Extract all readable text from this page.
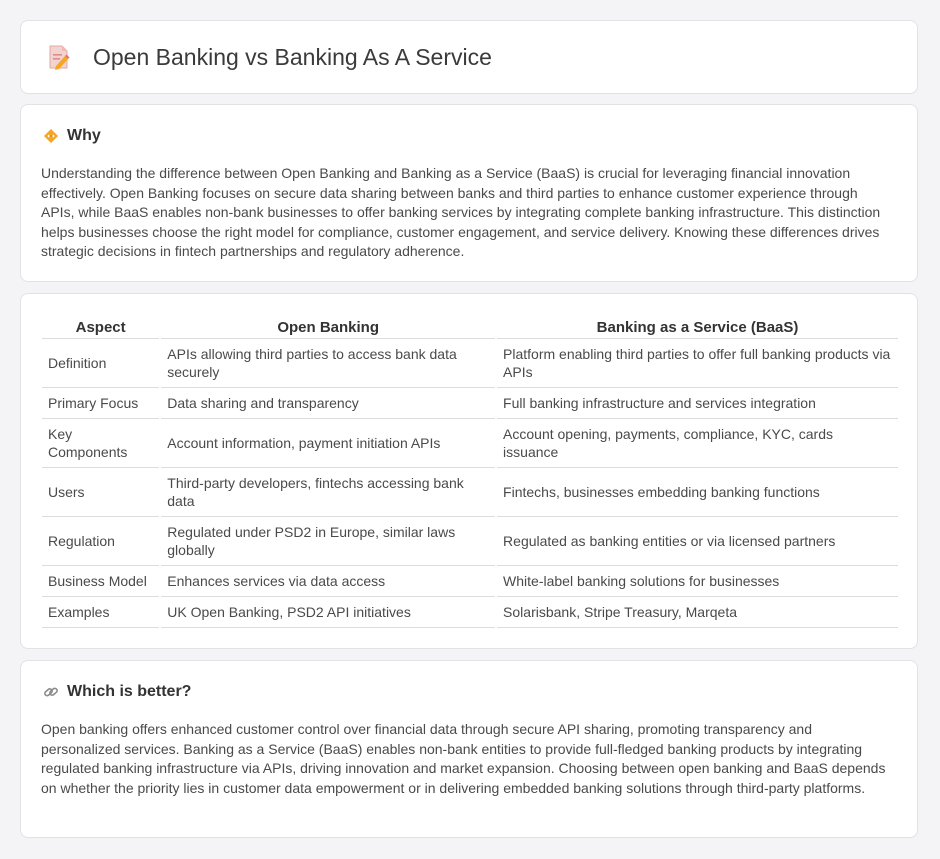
Open Banking vs Banking As A Service
Why

Understanding the difference between Open Banking and Banking as a Service (BaaS) is crucial for leveraging financial innovation effectively. Open Banking focuses on secure data sharing between banks and third parties to enhance customer experience through APIs, while BaaS enables non-bank businesses to offer banking services by integrating complete banking infrastructure. This distinction helps businesses choose the right model for compliance, customer engagement, and service delivery. Knowing these differences drives strategic decisions in fintech partnerships and regulatory adherence.

Aspect	Open Banking	Banking as a Service (BaaS)
Definition	APIs allowing third parties to access bank data securely	Platform enabling third parties to offer full banking products via APIs
Primary Focus	Data sharing and transparency	Full banking infrastructure and services integration
Key Components	Account information, payment initiation APIs	Account opening, payments, compliance, KYC, cards issuance
Users	Third-party developers, fintechs accessing bank data	Fintechs, businesses embedding banking functions
Regulation	Regulated under PSD2 in Europe, similar laws globally	Regulated as banking entities or via licensed partners
Business Model	Enhances services via data access	White-label banking solutions for businesses
Examples	UK Open Banking, PSD2 API initiatives	Solarisbank, Stripe Treasury, Marqeta
Which is better?

Open banking offers enhanced customer control over financial data through secure API sharing, promoting transparency and personalized services. Banking as a Service (BaaS) enables non-bank entities to provide full-fledged banking products by integrating regulated banking infrastructure via APIs, driving innovation and market expansion. Choosing between open banking and BaaS depends on whether the priority lies in customer data empowerment or in delivering embedded banking solutions through third-party platforms.
